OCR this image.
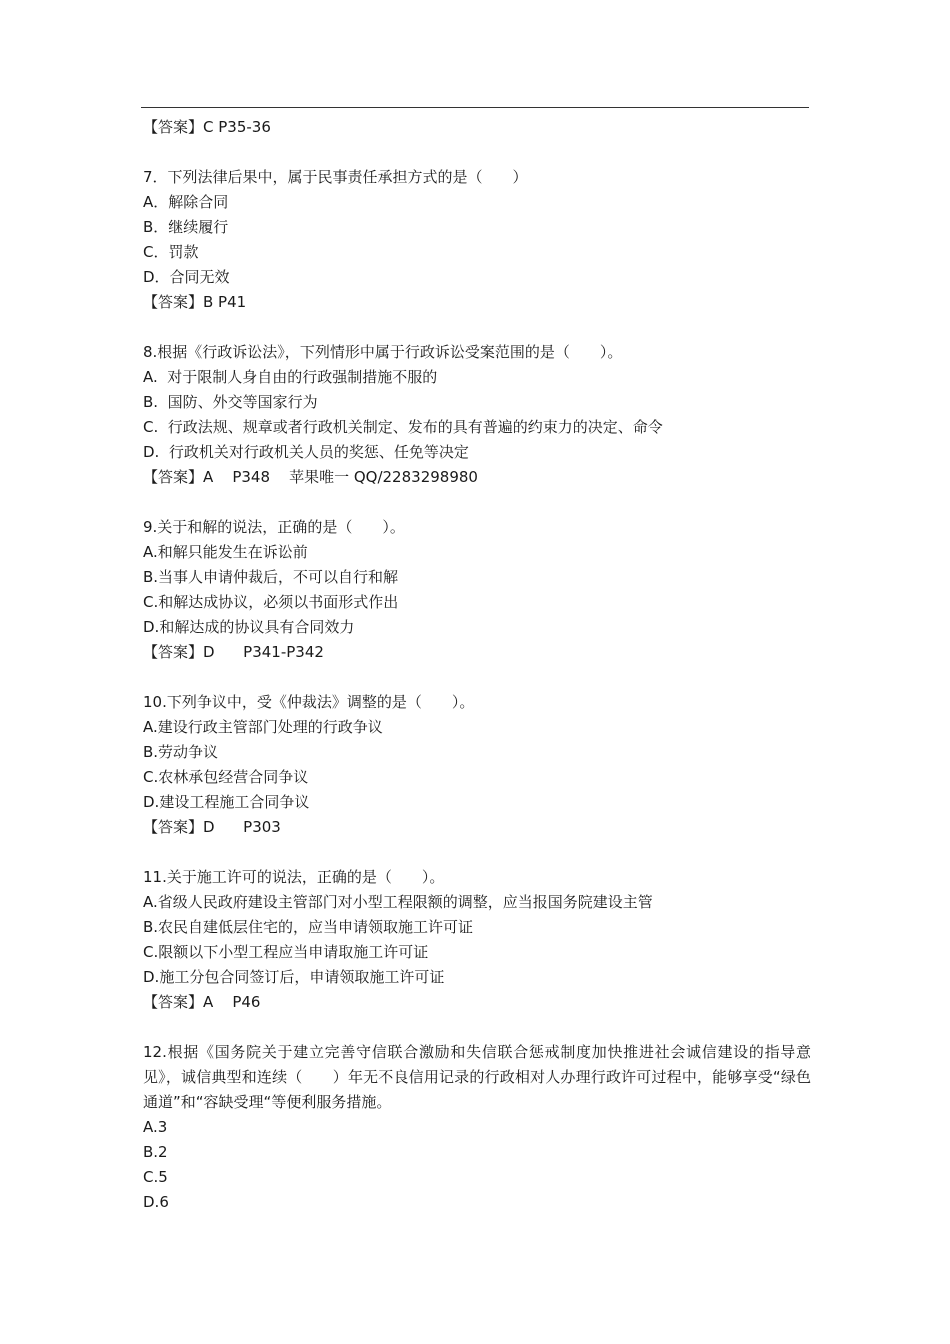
【答案】C P35-36
7．下列法律后果中，属于民事责任承担方式的是（　　）
A．解除合同
B．继续履行
C．罚款
D．合同无效
【答案】B P41
8.根据《行政诉讼法》，下列情形中属于行政诉讼受案范围的是（　　）。
A.  对于限制人身自由的行政强制措施不服的
B.  国防、外交等国家行为
C.  行政法规、规章或者行政机关制定、发布的具有普遍的约束力的决定、命令
D.  行政机关对行政机关人员的奖惩、任免等决定
【答案】A    P348    苹果唯一 QQ/2283298980
9.关于和解的说法，正确的是（　　）。
A.和解只能发生在诉讼前
B.当事人申请仲裁后，不可以自行和解
C.和解达成协议，必须以书面形式作出
D.和解达成的协议具有合同效力
【答案】D      P341-P342
10.下列争议中，受《仲裁法》调整的是（　　）。
A.建设行政主管部门处理的行政争议
B.劳动争议
C.农林承包经营合同争议
D.建设工程施工合同争议
【答案】D      P303
11.关于施工许可的说法，正确的是（　　）。
A.省级人民政府建设主管部门对小型工程限额的调整，应当报国务院建设主管
B.农民自建低层住宅的，应当申请领取施工许可证
C.限额以下小型工程应当申请取施工许可证
D.施工分包合同签订后，申请领取施工许可证
【答案】A    P46
12.根据《国务院关于建立完善守信联合激励和失信联合惩戒制度加快推进社会诚信建设的指导意见》，诚信典型和连续（　　）年无不良信用记录的行政相对人办理行政许可过程中，能够享受“绿色通道”和“容缺受理“等便利服务措施。
A.3
B.2
C.5
D.6
